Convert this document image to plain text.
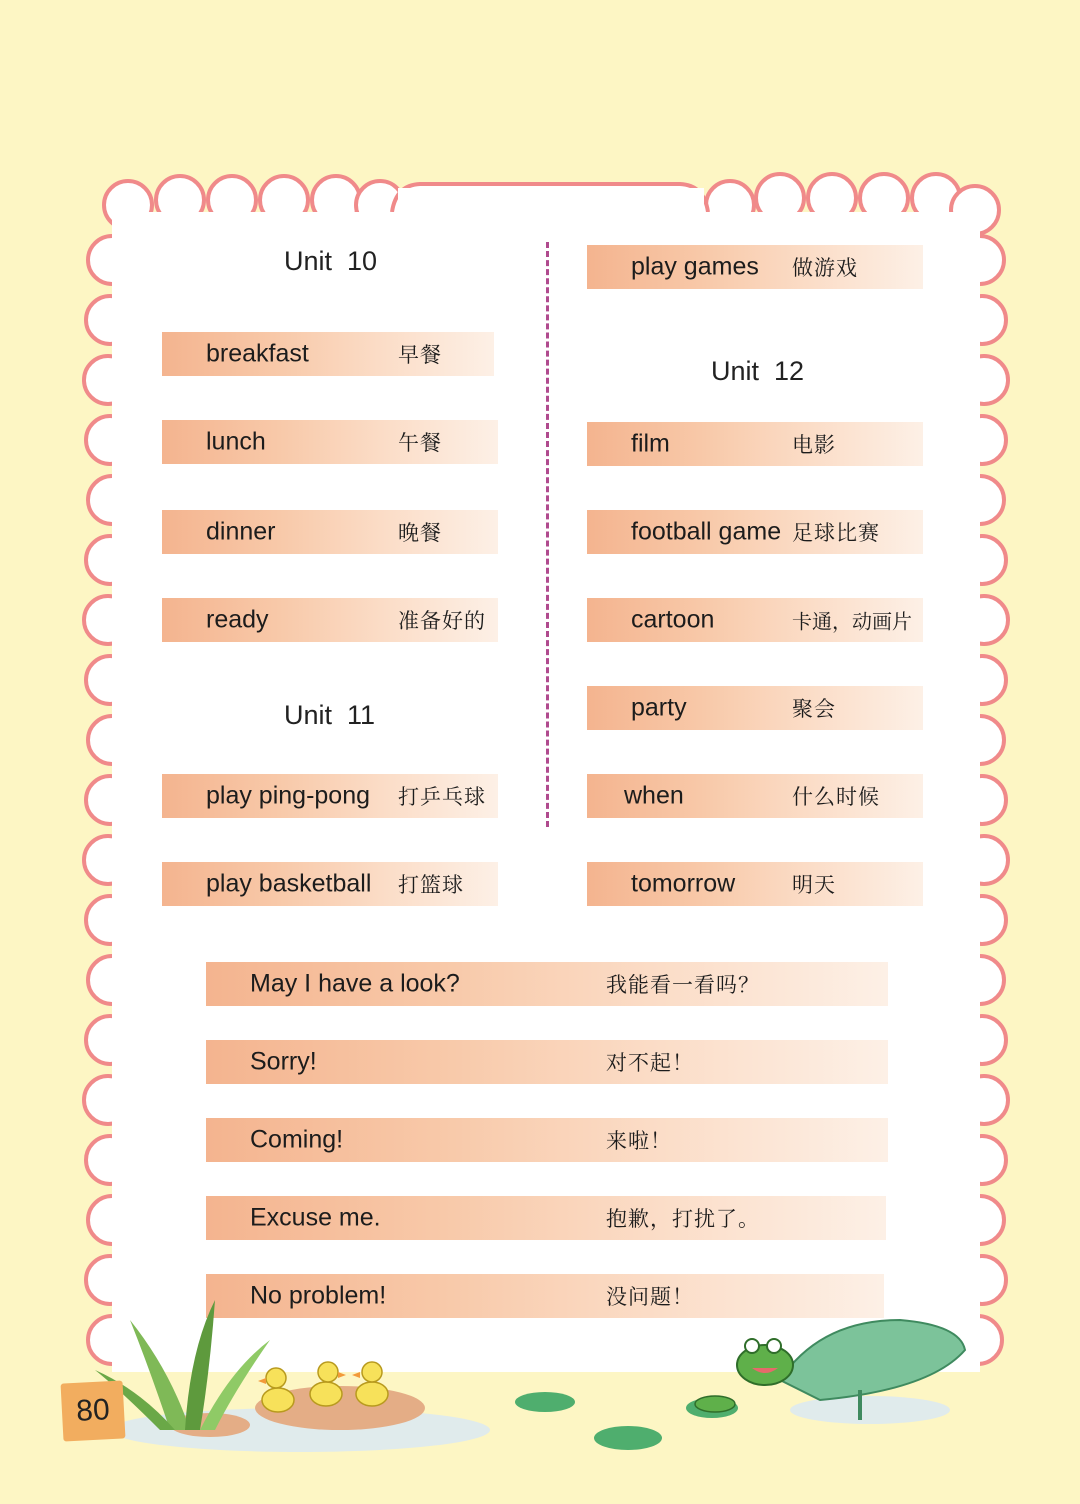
Unit  10
Unit  11
Unit  12
breakfast	早餐
lunch	午餐
dinner	晚餐
ready	准备好的
play ping-pong 打乒乓球
play basketball 打篮球
play games 做游戏
film	电影
football game 足球比赛
cartoon	卡通，动画片
party	聚会
when	什么时候
tomorrow	明天
May I have a look?	我能看一看吗？
Sorry!	对不起！
Coming!	来啦！
Excuse me.	抱歉，打扰了。
No problem!	没问题！
80
